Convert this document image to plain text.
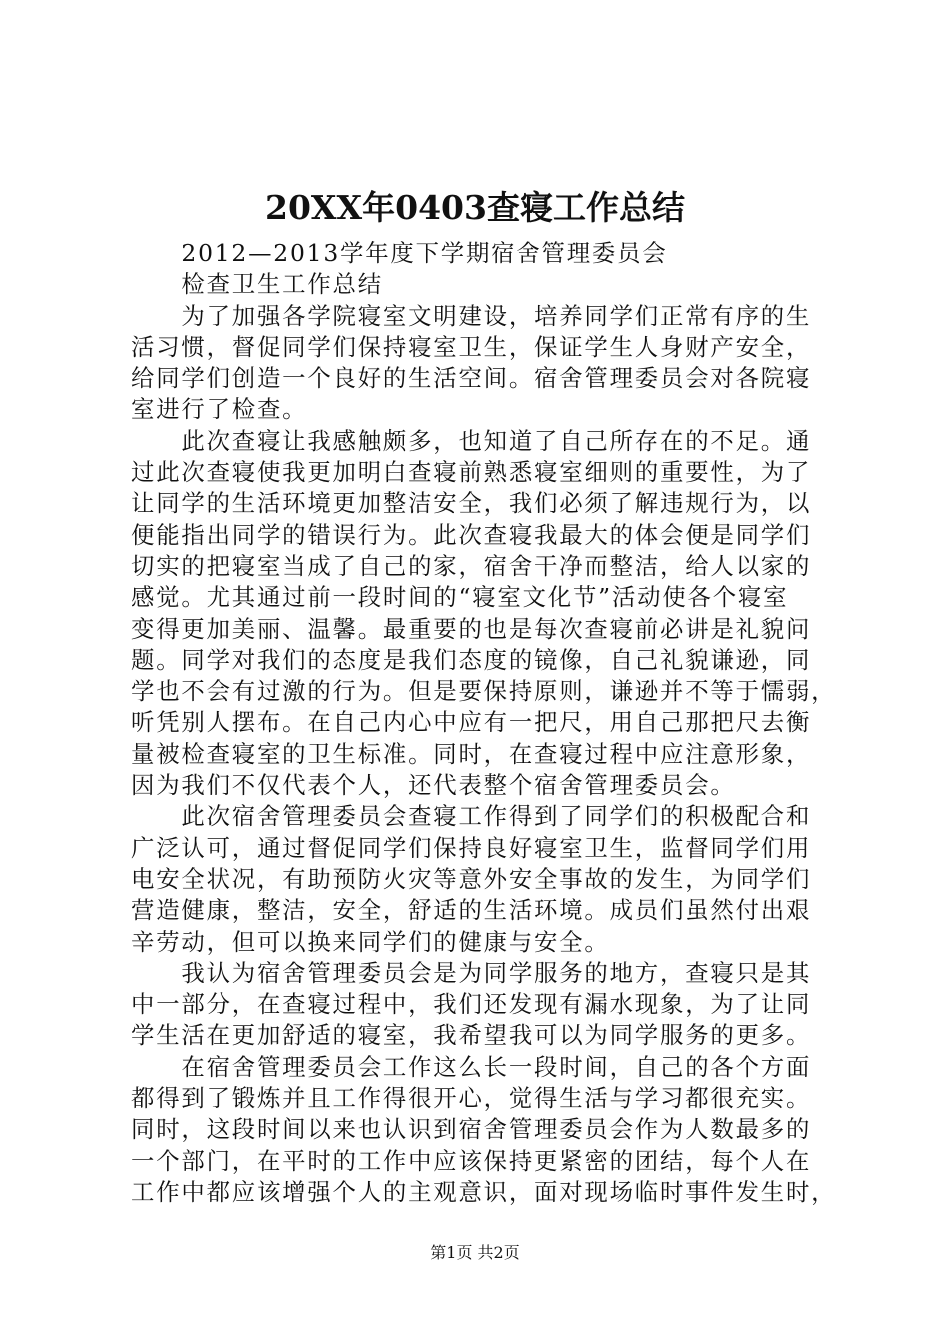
20XX年0403查寝工作总结

　　2012—2013学年度下学期宿舍管理委员会

　　检查卫生工作总结

　　为了加强各学院寝室文明建设，培养同学们正常有序的生

活习惯，督促同学们保持寝室卫生，保证学生人身财产安全，

给同学们创造一个良好的生活空间。宿舍管理委员会对各院寝

室进行了检查。

　　此次查寝让我感触颇多，也知道了自己所存在的不足。通

过此次查寝使我更加明白查寝前熟悉寝室细则的重要性，为了

让同学的生活环境更加整洁安全，我们必须了解违规行为，以

便能指出同学的错误行为。此次查寝我最大的体会便是同学们

切实的把寝室当成了自己的家，宿舍干净而整洁，给人以家的

感觉。尤其通过前一段时间的“寝室文化节”活动使各个寝室

变得更加美丽、温馨。最重要的也是每次查寝前必讲是礼貌问

题。同学对我们的态度是我们态度的镜像，自己礼貌谦逊，同

学也不会有过激的行为。但是要保持原则，谦逊并不等于懦弱，

听凭别人摆布。在自己内心中应有一把尺，用自己那把尺去衡

量被检查寝室的卫生标准。同时，在查寝过程中应注意形象，

因为我们不仅代表个人，还代表整个宿舍管理委员会。

　　此次宿舍管理委员会查寝工作得到了同学们的积极配合和

广泛认可，通过督促同学们保持良好寝室卫生，监督同学们用

电安全状况，有助预防火灾等意外安全事故的发生，为同学们

营造健康，整洁，安全，舒适的生活环境。成员们虽然付出艰

辛劳动，但可以换来同学们的健康与安全。

　　我认为宿舍管理委员会是为同学服务的地方，查寝只是其

中一部分，在查寝过程中，我们还发现有漏水现象，为了让同

学生活在更加舒适的寝室，我希望我可以为同学服务的更多。

　　在宿舍管理委员会工作这么长一段时间，自己的各个方面

都得到了锻炼并且工作得很开心，觉得生活与学习都很充实。

同时，这段时间以来也认识到宿舍管理委员会作为人数最多的

一个部门，在平时的工作中应该保持更紧密的团结，每个人在

工作中都应该增强个人的主观意识，面对现场临时事件发生时，

第1页 共2页
